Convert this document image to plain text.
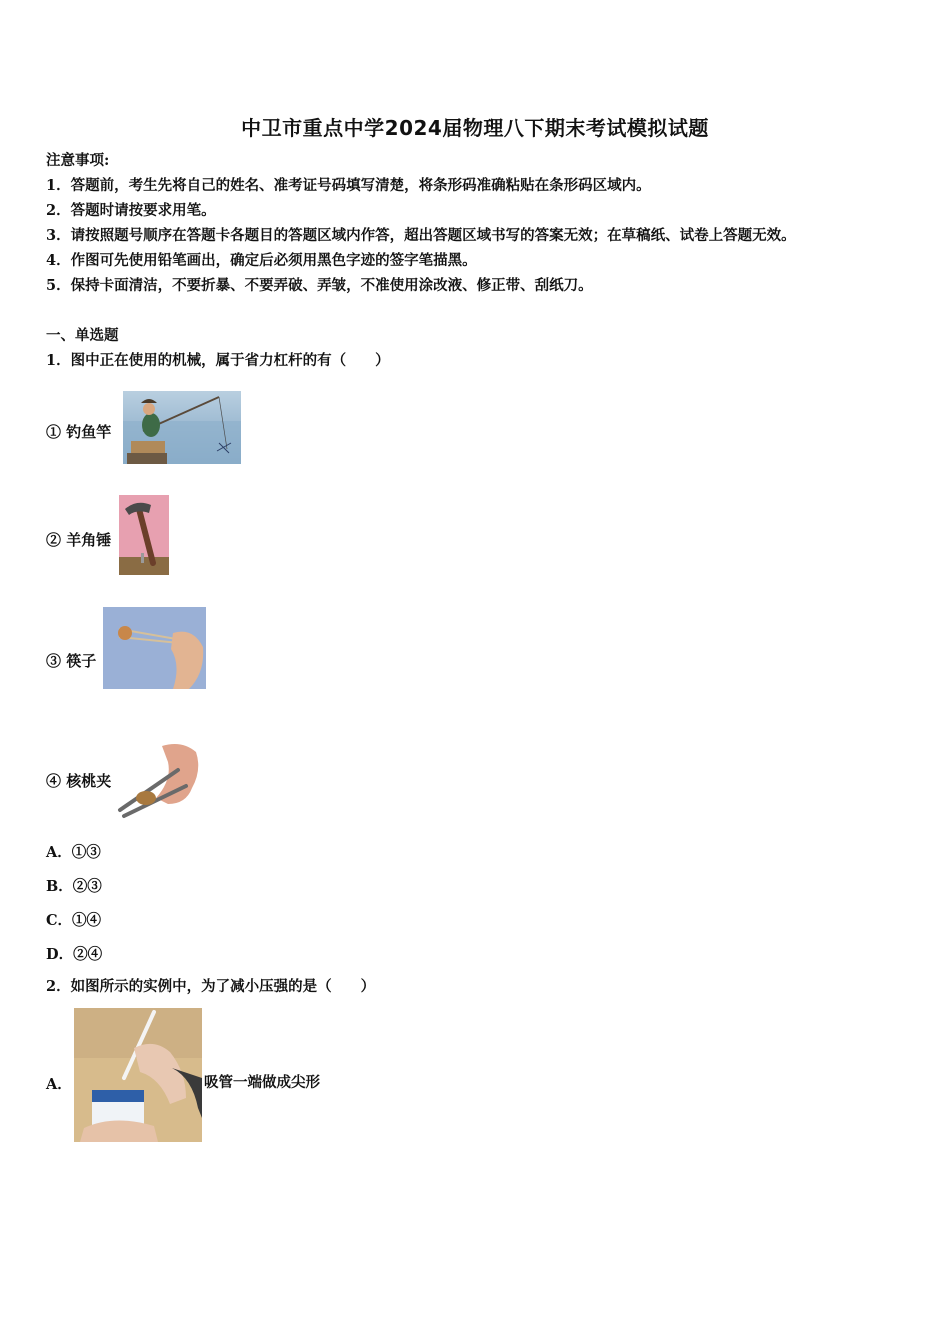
中卫市重点中学2024届物理八下期末考试模拟试题
注意事项:
1．答题前，考生先将自己的姓名、准考证号码填写清楚，将条形码准确粘贴在条形码区域内。
2．答题时请按要求用笔。
3．请按照题号顺序在答题卡各题目的答题区域内作答，超出答题区域书写的答案无效；在草稿纸、试卷上答题无效。
4．作图可先使用铅笔画出，确定后必须用黑色字迹的签字笔描黑。
5．保持卡面清洁，不要折暴、不要弄破、弄皱，不准使用涂改液、修正带、刮纸刀。
一、单选题
1．图中正在使用的机械，属于省力杠杆的有（　　）
① 钓鱼竿
② 羊角锤
③ 筷子
④ 核桃夹
A．①③
B．②③
C．①④
D．②④
2．如图所示的实例中，为了减小压强的是（　　）
A．	吸管一端做成尖形
